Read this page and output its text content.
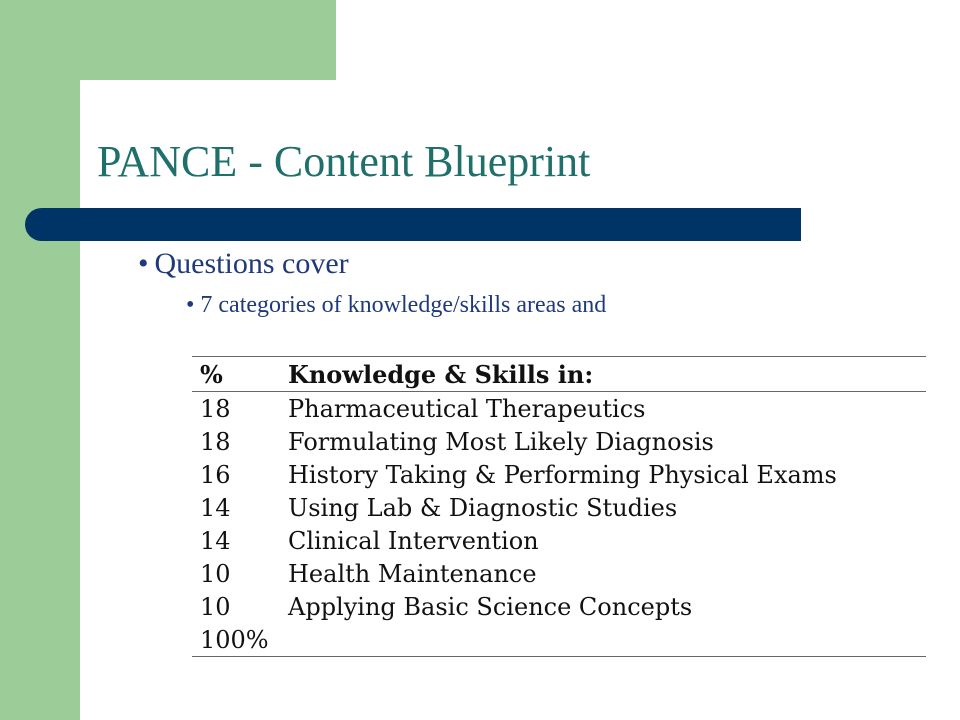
PANCE - Content Blueprint
• Questions cover
• 7 categories of knowledge/skills areas and
%	Knowledge & Skills in:
18	Pharmaceutical Therapeutics
18	Formulating Most Likely Diagnosis
16	History Taking & Performing Physical Exams
14	Using Lab & Diagnostic Studies
14	Clinical Intervention
10	Health Maintenance
10	Applying Basic Science Concepts
100%	
